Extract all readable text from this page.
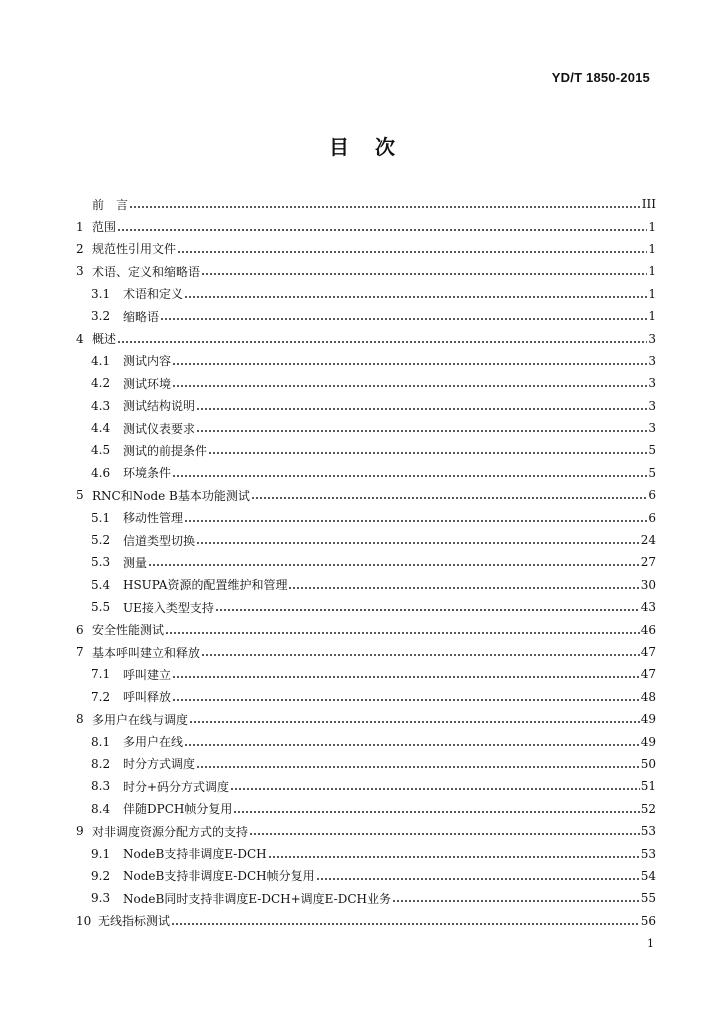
YD/T 1850-2015
目次
前　言	III
1 范围	1
2 规范性引用文件	1
3 术语、定义和缩略语	1
3.1	术语和定义	1
3.2	缩略语	1
4 概述	3
4.1	测试内容	3
4.2	测试环境	3
4.3	测试结构说明	3
4.4	测试仪表要求	3
4.5	测试的前提条件	5
4.6	环境条件	5
5 RNC和Node B基本功能测试	6
5.1	移动性管理	6
5.2	信道类型切换	24
5.3	测量	27
5.4	HSUPA资源的配置维护和管理	30
5.5	UE接入类型支持	43
6 安全性能测试	46
7 基本呼叫建立和释放	47
7.1	呼叫建立	47
7.2	呼叫释放	48
8 多用户在线与调度	49
8.1	多用户在线	49
8.2	时分方式调度	50
8.3	时分+码分方式调度	51
8.4	伴随DPCH帧分复用	52
9 对非调度资源分配方式的支持	53
9.1	NodeB支持非调度E-DCH	53
9.2	NodeB支持非调度E-DCH帧分复用	54
9.3	NodeB同时支持非调度E-DCH+调度E-DCH业务	55
10 无线指标测试	56
1
